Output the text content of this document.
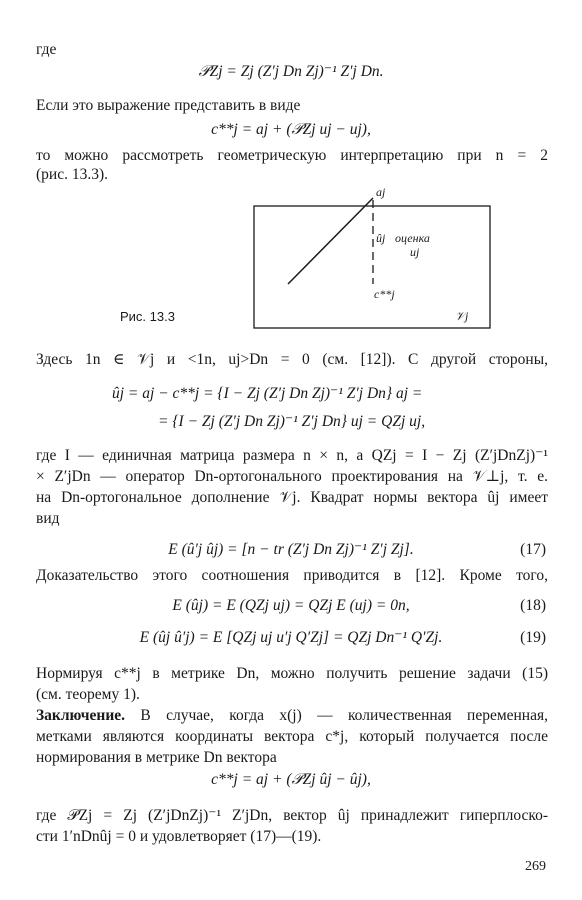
где
𝒫Zj = Zj (Z′j Dn Zj)⁻¹ Z′j Dn.
Если это выражение представить в виде
c**j = aj + (𝒫Zj uj − uj),
то можно рассмотреть геометрическую интерпретацию при n = 2
(рис. 13.3).
aj
ûj оценка
uj
c**j
𝒱j
Рис. 13.3
Здесь 1n ∈ 𝒱j и <1n, uj>Dn = 0 (см. [12]). С другой стороны,
ûj = aj − c**j = {I − Zj (Z′j Dn Zj)⁻¹ Z′j Dn} aj =
= {I − Zj (Z′j Dn Zj)⁻¹ Z′j Dn} uj = QZj uj,
где I — единичная матрица размера n × n, a QZj = I − Zj (Z′jDnZj)⁻¹
× Z′jDn — оператор Dn-ортогонального проектирования на 𝒱⊥j, т. е.
на Dn-ортогональное дополнение 𝒱j. Квадрат нормы вектора ûj имеет
вид
E (û′j ûj) = [n − tr (Z′j Dn Zj)⁻¹ Z′j Zj].	(17)
Доказательство этого соотношения приводится в [12]. Кроме того,
E (ûj) = E (QZj uj) = QZj E (uj) = 0n,	(18)
E (ûj û′j) = E [QZj uj u′j Q′Zj] = QZj Dn⁻¹ Q′Zj.	(19)
Нормируя c**j в метрике Dn, можно получить решение задачи (15)
(см. теорему 1).
Заключение. В случае, когда x(j) — количественная переменная,
метками являются координаты вектора c*j, который получается после
нормирования в метрике Dn вектора
c**j = aj + (𝒫Zj ûj − ûj),
где 𝒫Zj = Zj (Z′jDnZj)⁻¹ Z′jDn, вектор ûj принадлежит гиперплоско-
сти 1′nDnûj = 0 и удовлетворяет (17)—(19).
269
